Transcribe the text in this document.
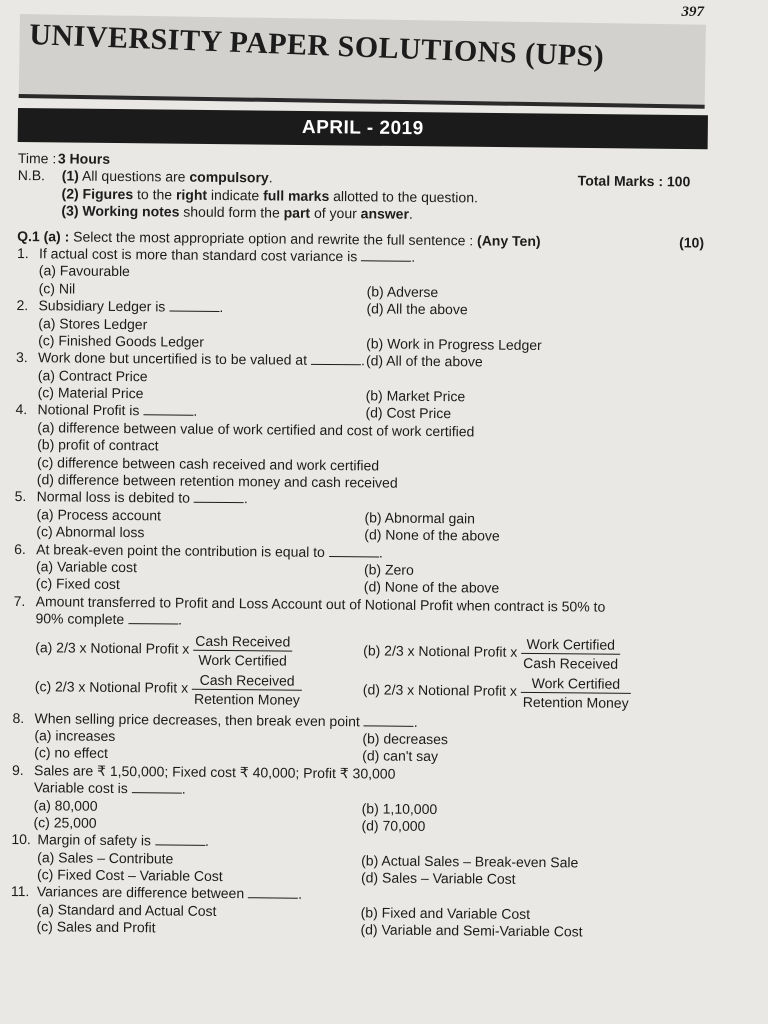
397
UNIVERSITY PAPER SOLUTIONS (UPS)
APRIL - 2019
Time : 3 Hours
N.B. (1) All questions are compulsory.	Total Marks : 100
(2) Figures to the right indicate full marks allotted to the question.
(3) Working notes should form the part of your answer.
Q.1 (a) : Select the most appropriate option and rewrite the full sentence : (Any Ten)	(10)
1. If actual cost is more than standard cost variance is	.
(a) Favourable
(c) Nil	(b) Adverse
2. Subsidiary Ledger is	.	(d) All the above
(a) Stores Ledger
(c) Finished Goods Ledger	(b) Work in Progress Ledger
3. Work done but uncertified is to be valued at	. (d) All of the above
(a) Contract Price
(c) Material Price	(b) Market Price
4. Notional Profit is	.	(d) Cost Price
(a) difference between value of work certified and cost of work certified
(b) profit of contract
(c) difference between cash received and work certified
(d) difference between retention money and cash received
5. Normal loss is debited to	.
(a) Process account	(b) Abnormal gain
(c) Abnormal loss	(d) None of the above
6. At break-even point the contribution is equal to	.
(a) Variable cost	(b) Zero
(c) Fixed cost	(d) None of the above
7. Amount transferred to Profit and Loss Account out of Notional Profit when contract is 50% to
90% complete	.
(a) 2/3 x Notional Profit x $\frac{\text{Cash Received}}{\text{Work Certified}}$	(b) 2/3 x Notional Profit x $\frac{\text{Work Certified}}{\text{Cash Received}}$
(c) 2/3 x Notional Profit x $\frac{\text{Cash Received}}{\text{Retention Money}}$	(d) 2/3 x Notional Profit x $\frac{\text{Work Certified}}{\text{Retention Money}}$
8. When selling price decreases, then break even point	.
(a) increases	(b) decreases
(c) no effect	(d) can't say
9. Sales are ₹ 1,50,000; Fixed cost ₹ 40,000; Profit ₹ 30,000
Variable cost is	.
(a) 80,000	(b) 1,10,000
(c) 25,000	(d) 70,000
10. Margin of safety is	.
(a) Sales – Contribute	(b) Actual Sales – Break-even Sale
(c) Fixed Cost – Variable Cost	(d) Sales – Variable Cost
11. Variances are difference between	.
(a) Standard and Actual Cost	(b) Fixed and Variable Cost
(c) Sales and Profit	(d) Variable and Semi-Variable Cost
